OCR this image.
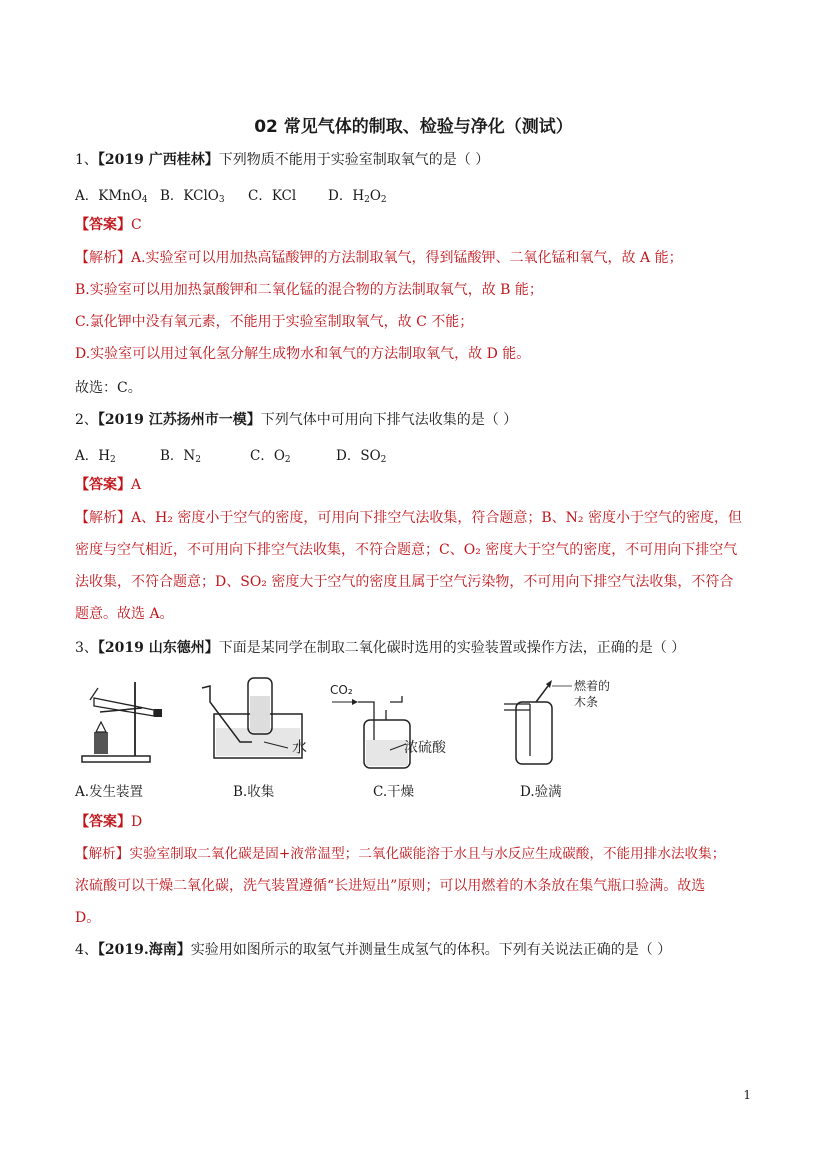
02 常见气体的制取、检验与净化（测试）
1、【2019 广西桂林】下列物质不能用于实验室制取氧气的是（ ）
A．KMnO$_4$ B．KClO$_3$ C．KCl D．$H_2O_2$
【答案】C
【解析】A.实验室可以用加热高锰酸钾的方法制取氧气，得到锰酸钾、二氧化锰和氧气，故 A 能；
B.实验室可以用加热氯酸钾和二氧化锰的混合物的方法制取氧气，故 B 能；
C.氯化钾中没有氧元素，不能用于实验室制取氧气，故 C 不能；
D.实验室可以用过氧化氢分解生成物水和氧气的方法制取氧气，故 D 能。
故选：C。
2、【2019 江苏扬州市一模】下列气体中可用向下排气法收集的是（ ）
A．$H_2$	B．$N_2$	C．$O_2$	D．$SO_2$
【答案】A
【解析】A、H₂ 密度小于空气的密度，可用向下排空气法收集，符合题意；B、N₂ 密度小于空气的密度，但
密度与空气相近，不可用向下排空气法收集，不符合题意；C、O₂ 密度大于空气的密度，不可用向下排空气
法收集，不符合题意；D、SO₂ 密度大于空气的密度且属于空气污染物，不可用向下排空气法收集，不符合
题意。故选 A。
3、【2019 山东德州】下面是某同学在制取二氧化碳时选用的实验装置或操作方法，正确的是（ ）
水
CO₂
浓硫酸
燃着的
木条
A.发生装置	B.收集	C.干燥	D.验满
【答案】D
【解析】实验室制取二氧化碳是固+液常温型；二氧化碳能溶于水且与水反应生成碳酸，不能用排水法收集；
浓硫酸可以干燥二氧化碳，洗气装置遵循“长进短出”原则；可以用燃着的木条放在集气瓶口验满。故选
D。
4、【2019.海南】实验用如图所示的取氢气并测量生成氢气的体积。下列有关说法正确的是（ ）
1
